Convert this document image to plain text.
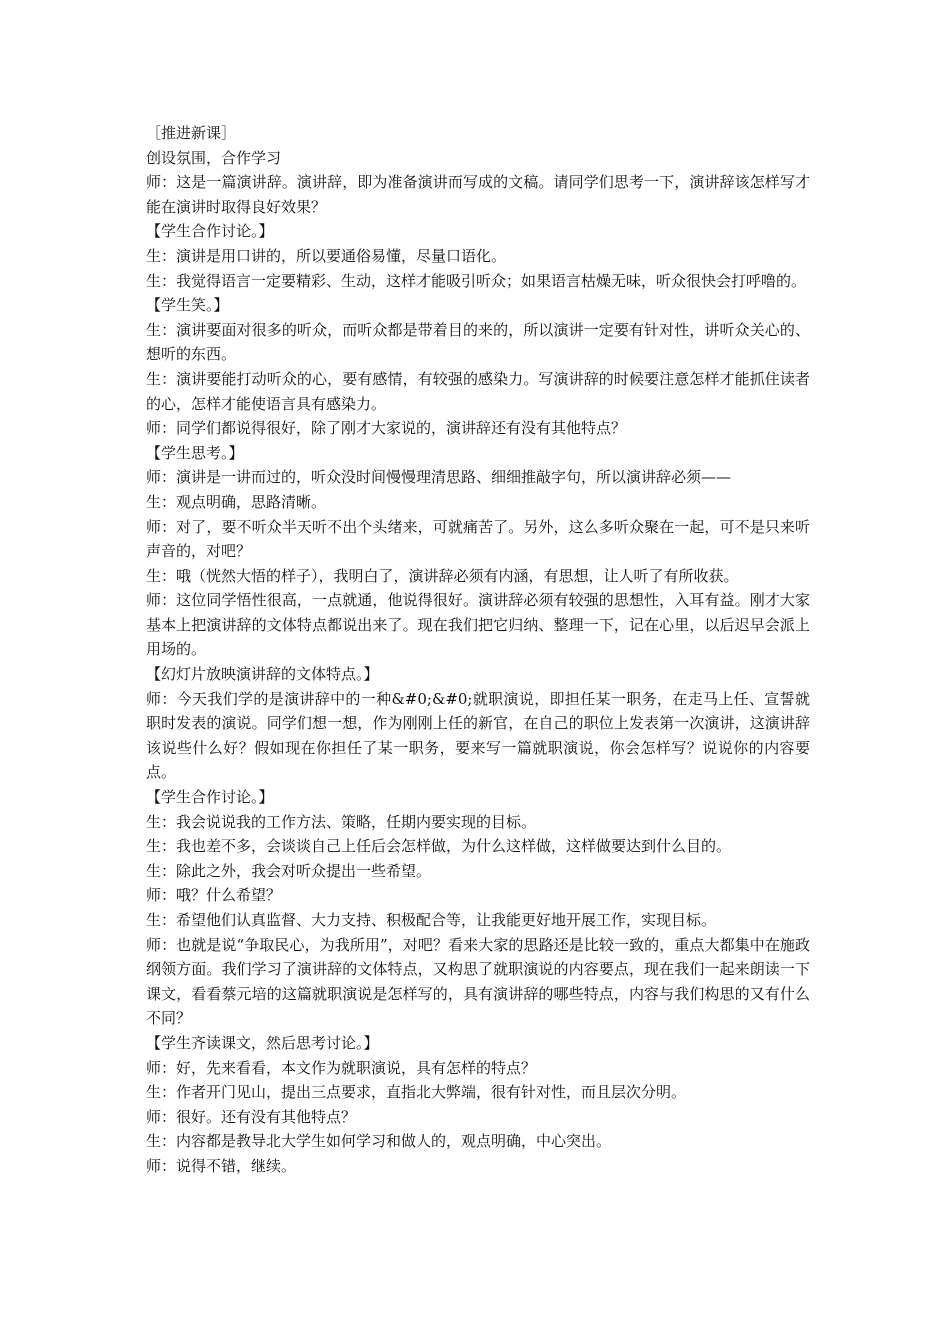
［推进新课］

创设氛围，合作学习

师：这是一篇演讲辞。演讲辞，即为准备演讲而写成的文稿。请同学们思考一下，演讲辞该怎样写才能在演讲时取得良好效果？

【学生合作讨论。】

生：演讲是用口讲的，所以要通俗易懂，尽量口语化。

生：我觉得语言一定要精彩、生动，这样才能吸引听众；如果语言枯燥无味，听众很快会打呼噜的。

【学生笑。】

生：演讲要面对很多的听众，而听众都是带着目的来的，所以演讲一定要有针对性，讲听众关心的、想听的东西。

生：演讲要能打动听众的心，要有感情，有较强的感染力。写演讲辞的时候要注意怎样才能抓住读者的心，怎样才能使语言具有感染力。

师：同学们都说得很好，除了刚才大家说的，演讲辞还有没有其他特点？

【学生思考。】

师：演讲是一讲而过的，听众没时间慢慢理清思路、细细推敲字句，所以演讲辞必须——

生：观点明确，思路清晰。

师：对了，要不听众半天听不出个头绪来，可就痛苦了。另外，这么多听众聚在一起，可不是只来听声音的，对吧？

生：哦（恍然大悟的样子），我明白了，演讲辞必须有内涵，有思想，让人听了有所收获。

师：这位同学悟性很高，一点就通，他说得很好。演讲辞必须有较强的思想性，入耳有益。刚才大家基本上把演讲辞的文体特点都说出来了。现在我们把它归纳、整理一下，记在心里，以后迟早会派上用场的。

【幻灯片放映演讲辞的文体特点。】

师：今天我们学的是演讲辞中的一种&#0;&#0;就职演说，即担任某一职务，在走马上任、宣誓就职时发表的演说。同学们想一想，作为刚刚上任的新官，在自己的职位上发表第一次演讲，这演讲辞该说些什么好？假如现在你担任了某一职务，要来写一篇就职演说，你会怎样写？说说你的内容要点。

【学生合作讨论。】

生：我会说说我的工作方法、策略，任期内要实现的目标。

生：我也差不多，会谈谈自己上任后会怎样做，为什么这样做，这样做要达到什么目的。

生：除此之外，我会对听众提出一些希望。

师：哦？什么希望？

生：希望他们认真监督、大力支持、积极配合等，让我能更好地开展工作，实现目标。

师：也就是说“争取民心，为我所用”，对吧？看来大家的思路还是比较一致的，重点大都集中在施政纲领方面。我们学习了演讲辞的文体特点，又构思了就职演说的内容要点，现在我们一起来朗读一下课文，看看蔡元培的这篇就职演说是怎样写的，具有演讲辞的哪些特点，内容与我们构思的又有什么不同？

【学生齐读课文，然后思考讨论。】

师：好，先来看看，本文作为就职演说，具有怎样的特点？

生：作者开门见山，提出三点要求，直指北大弊端，很有针对性，而且层次分明。

师：很好。还有没有其他特点？

生：内容都是教导北大学生如何学习和做人的，观点明确，中心突出。

师：说得不错，继续。
